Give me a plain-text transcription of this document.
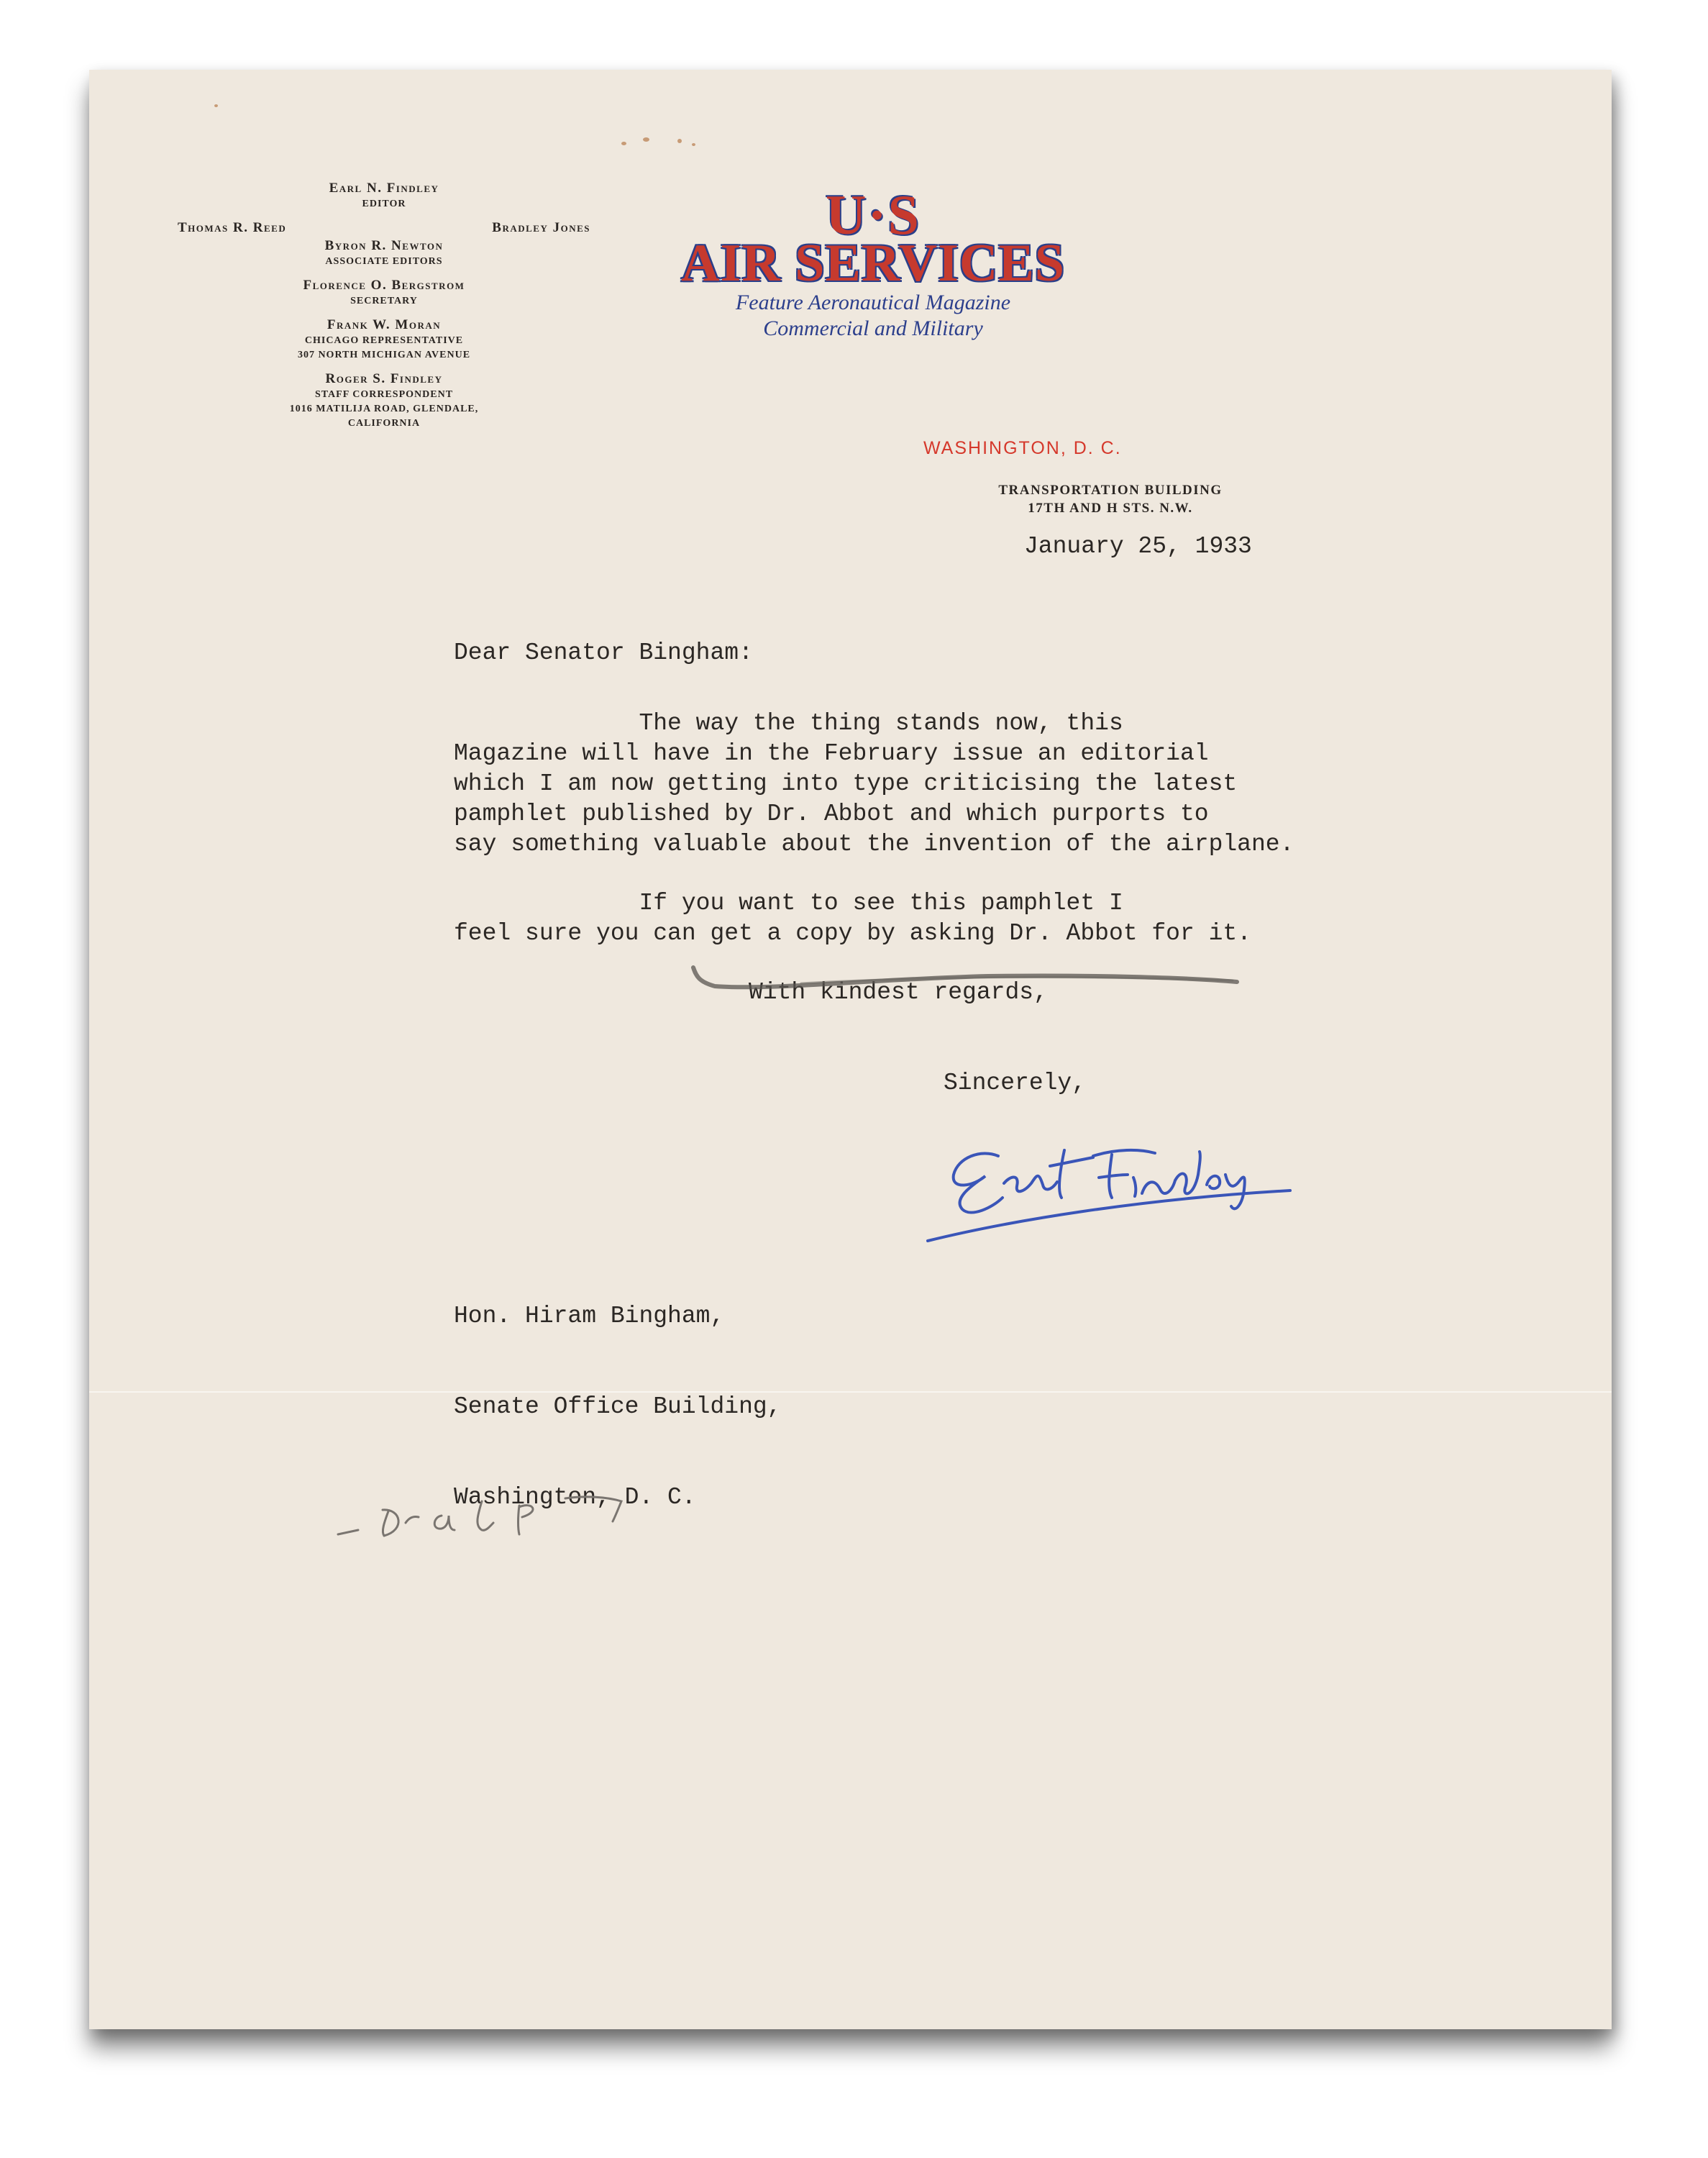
Earl N. Findley
EDITOR
Thomas R. Reed	Bradley Jones
Byron R. Newton
ASSOCIATE EDITORS
Florence O. Bergstrom
SECRETARY
Frank W. Moran
CHICAGO REPRESENTATIVE
307 NORTH MICHIGAN AVENUE
Roger S. Findley
STAFF CORRESPONDENT
1016 MATILIJA ROAD, GLENDALE,
CALIFORNIA
U·S
AIR SERVICES
Feature Aeronautical Magazine
Commercial and Military
WASHINGTON, D. C.
TRANSPORTATION BUILDING
17TH AND H STS. N.W.
January 25, 1933
Dear Senator Bingham:
The way the thing stands now, this
Magazine will have in the February issue an editorial
which I am now getting into type criticising the latest
pamphlet published by Dr. Abbot and which purports to
say something valuable about the invention of the airplane.
If you want to see this pamphlet I
feel sure you can get a copy by asking Dr. Abbot for it.
With kindest regards,
Sincerely,

Hon. Hiram Bingham,

Senate Office Building,

Washington, D. C.
